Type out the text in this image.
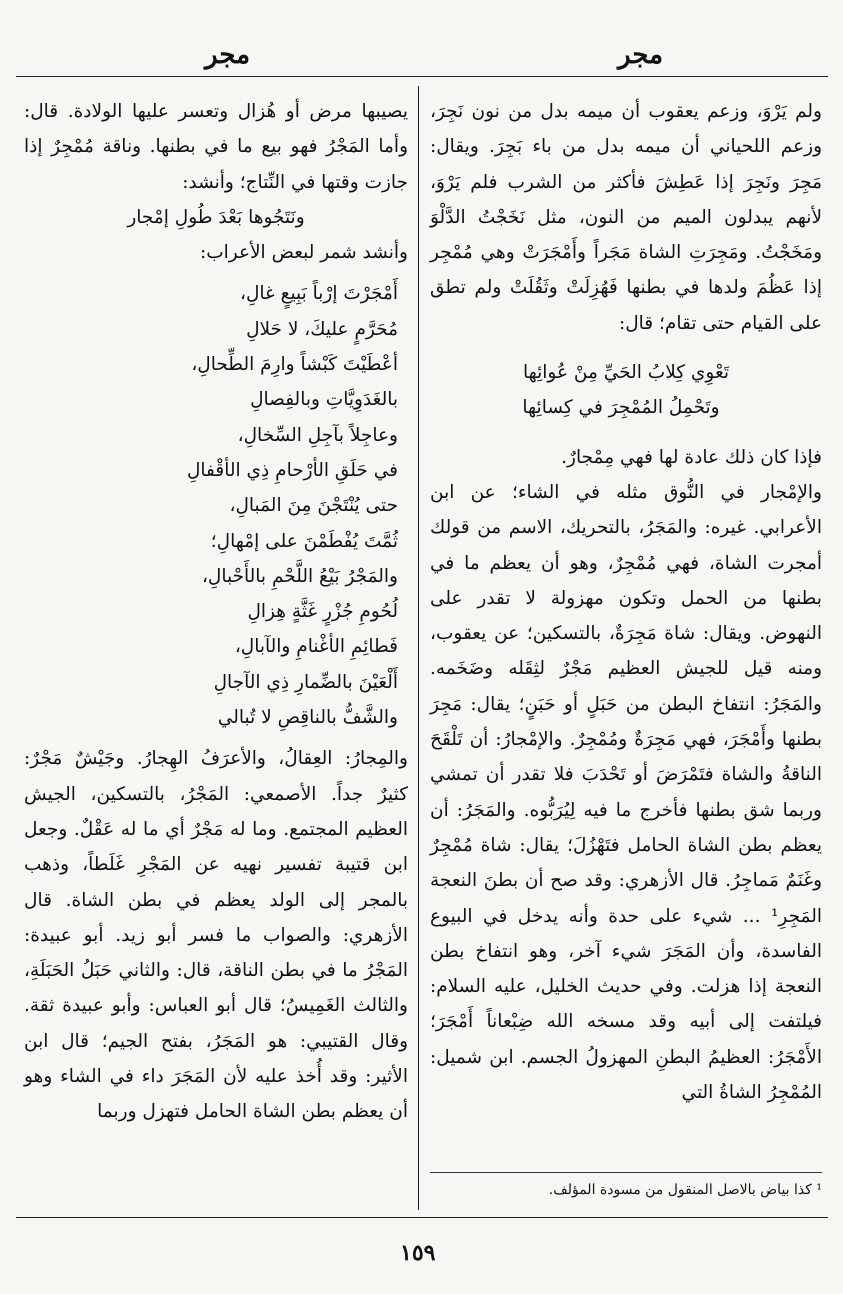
مجر
مجر

ولم يَرْوَ، وزعم يعقوب أن ميمه بدل من نون نَجِرَ، وزعم اللحياني أن ميمه بدل من باء بَجِرَ. ويقال: مَجِرَ ونَجِرَ إذا عَطِشَ فأكثر من الشرب فلم يَرْوَ، لأنهم يبدلون الميم من النون، مثل نَخَجْتُ الدَّلْوَ ومَخَجْتُ. ومَجِرَتِ الشاة مَجَراً وأَمْجَرَتْ وهي مُمْجِر إذا عَظُمَ ولدها في بطنها فَهُزِلَتْ وثَقُلَتْ ولم تطق على القيام حتى تقام؛ قال:

تَعْوِي كِلابُ الحَيِّ مِنْ عُوائِها

وتَحْمِلُ المُمْجِرَ في كِسائِها

فإذا كان ذلك عادة لها فهي مِمْجارٌ.

والإمْجار في النُّوق مثله في الشاء؛ عن ابن الأعرابي. غيره: والمَجَرُ، بالتحريك، الاسم من قولك أمجرت الشاة، فهي مُمْجِرٌ، وهو أن يعظم ما في بطنها من الحمل وتكون مهزولة لا تقدر على النهوض. ويقال: شاة مَجِرَةٌ، بالتسكين؛ عن يعقوب، ومنه قيل للجيش العظيم مَجْرٌ لثِقَله وضَخَمه. والمَجَرُ: انتفاخ البطن من حَبَلٍ أو حَبَنٍ؛ يقال: مَجِرَ بطنها وأَمْجَرَ، فهي مَجِرَةٌ ومُمْجِرٌ. والإمْجارُ: أن تَلْقَحَ الناقةُ والشاة فتَمْرَضَ أو تَحْدَبَ فلا تقدر أن تمشي وربما شق بطنها فأخرج ما فيه لِيُرَبُّوه. والمَجَرُ: أن يعظم بطن الشاة الحامل فتَهْزُلَ؛ يقال: شاة مُمْجِرٌ وغَنَمٌ مَماجِرُ. قال الأزهري: وقد صح أن بطنَ النعجة المَجِرِ¹ ... شيء على حدة وأنه يدخل في البيوع الفاسدة، وأن المَجَرَ شيء آخر، وهو انتفاخ بطن النعجة إذا هزلت. وفي حديث الخليل، عليه السلام: فيلتفت إلى أبيه وقد مسخه الله ضِبْعاناً أَمْجَرَ؛ الأَمْجَرُ: العظيمُ البطنِ المهزولُ الجسم. ابن شميل: المُمْجِرُ الشاةُ التي

يصيبها مرض أو هُزال وتعسر عليها الولادة. قال: وأما المَجْرُ فهو بيع ما في بطنها. وناقة مُمْجِرٌ إذا جازت وقتها في النِّتاج؛ وأنشد:

ونَتَجُوها بَعْدَ طُولِ إمْجار

وأنشد شمر لبعض الأعراب:

أَمْجَرْتَ إرْباً بَبِيعٍ غالِ،

مُحَرَّمٍ عليكَ، لا حَلالِ

أعْطَيْتَ كَبْشاً وارِمَ الطِّحالِ،

بالغَدَوِيَّاتِ وبالفِصالِ

وعاجِلاً بآجِلِ السِّخالِ،

في حَلَقِ الأرْحامِ ذِي الأقْفالِ

حتى يُنْتَجْنَ مِنَ المَبالِ،

ثُمَّتَ يُفْطَمْنَ على إمْهالِ؛

والمَجْرُ بَيْعُ اللَّحْمِ بالأَحْبالِ،

لُحُومِ جُزْرٍ غَثَّةٍ هِزالِ

فَطائِمِ الأغْنامِ والآبالِ،

أَلْعَيْنَ بالضِّمارِ ذِي الآجالِ

والشَّفُّ بالناقِصِ لا تُبالي

والمِجارُ: العِقالُ، والأعرَفُ الهِجارُ. وجَيْشٌ مَجْرٌ: كثيرٌ جداً. الأصمعي: المَجْرُ، بالتسكين، الجيش العظيم المجتمع. وما له مَجْرٌ أي ما له عَقْلٌ. وجعل ابن قتيبة تفسير نهيه عن المَجْرِ غَلَطاً، وذهب بالمجر إلى الولد يعظم في بطن الشاة. قال الأزهري: والصواب ما فسر أبو زيد. أبو عبيدة: المَجْرُ ما في بطن الناقة، قال: والثاني حَبَلُ الحَبَلَةِ، والثالث الغَمِيسُ؛ قال أبو العباس: وأبو عبيدة ثقة. وقال القتيبي: هو المَجَرُ، بفتح الجيم؛ قال ابن الأثير: وقد أُخذ عليه لأن المَجَرَ داء في الشاء وهو أن يعظم بطن الشاة الحامل فتهزل وربما

¹ كذا بياض بالاصل المنقول من مسودة المؤلف.
١٥٩
